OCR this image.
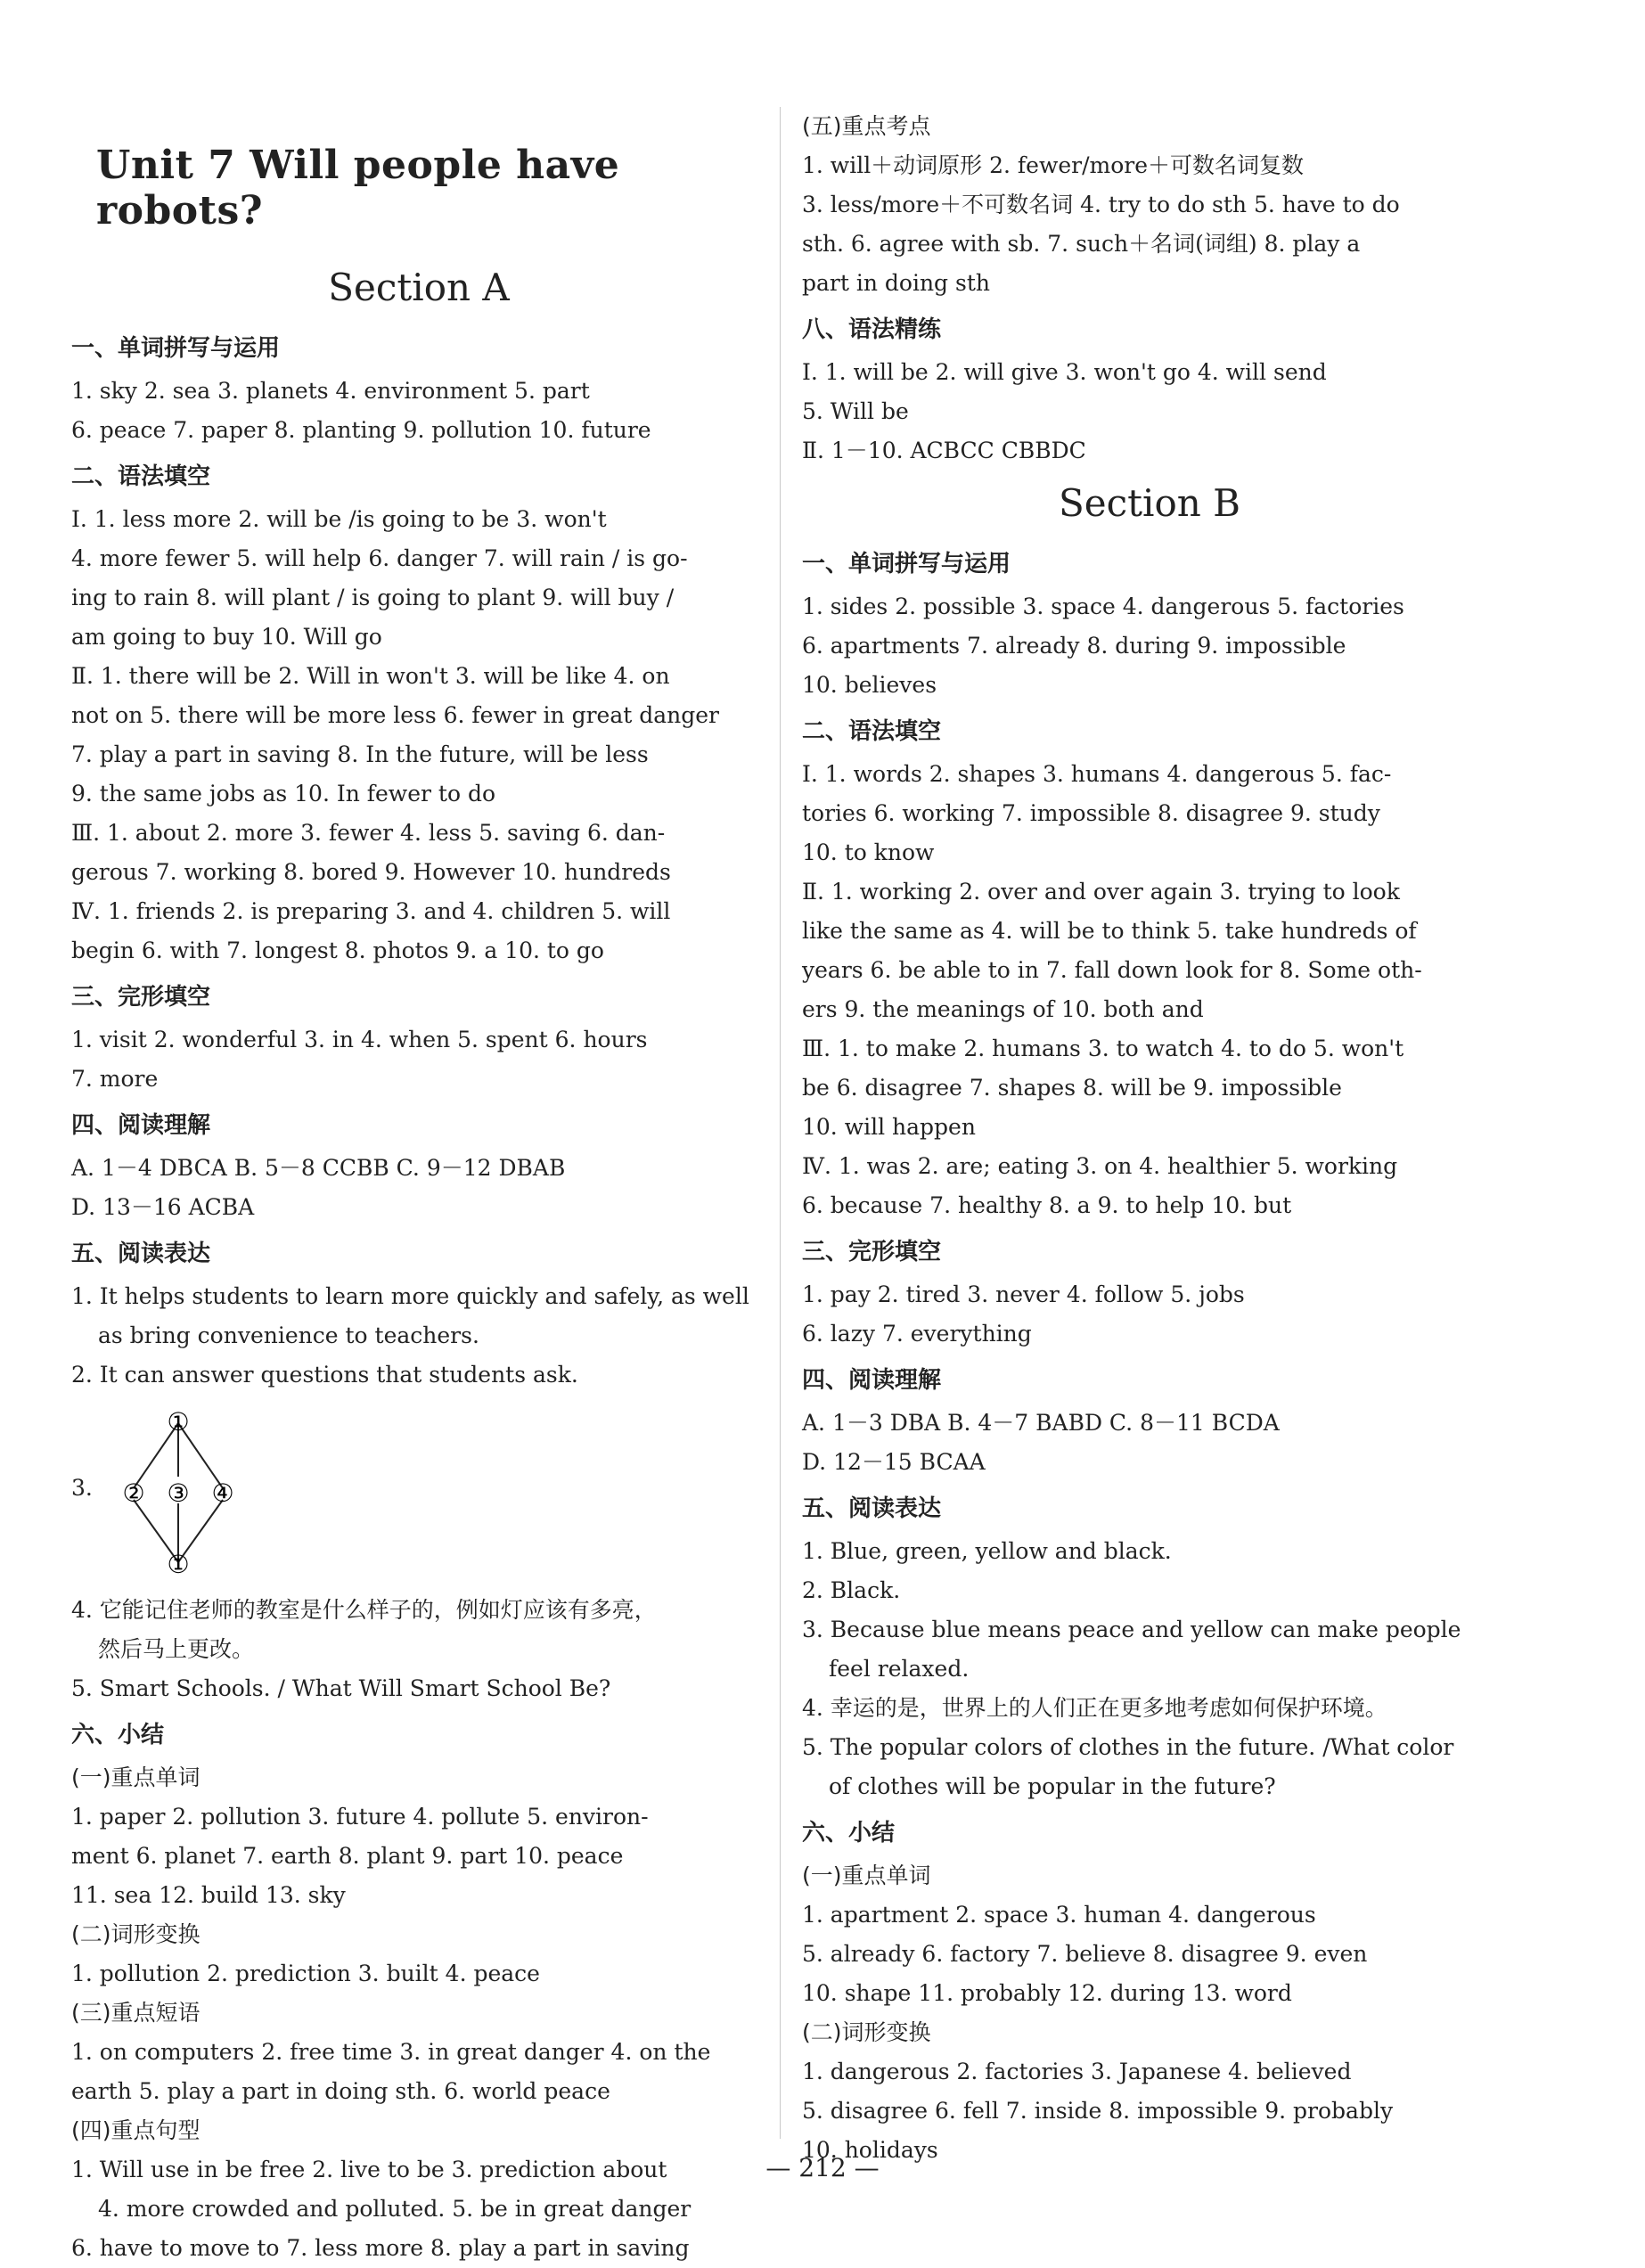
Unit 7 Will people have robots?
Section A
一、单词拼写与运用
1. sky 2. sea 3. planets 4. environment 5. part
6. peace 7. paper 8. planting 9. pollution 10. future
二、语法填空
Ⅰ. 1. less more 2. will be /is going to be 3. won't
4. more fewer 5. will help 6. danger 7. will rain / is go-
ing to rain 8. will plant / is going to plant 9. will buy /
am going to buy 10. Will go
Ⅱ. 1. there will be 2. Will in won't 3. will be like 4. on
not on 5. there will be more less 6. fewer in great danger
7. play a part in saving 8. In the future, will be less
9. the same jobs as 10. In fewer to do
Ⅲ. 1. about 2. more 3. fewer 4. less 5. saving 6. dan-
gerous 7. working 8. bored 9. However 10. hundreds
Ⅳ. 1. friends 2. is preparing 3. and 4. children 5. will
begin 6. with 7. longest 8. photos 9. a 10. to go
三、完形填空
1. visit 2. wonderful 3. in 4. when 5. spent 6. hours
7. more
四、阅读理解
A. 1－4 DBCA B. 5－8 CCBB C. 9－12 DBAB
D. 13－16 ACBA
五、阅读表达
1. It helps students to learn more quickly and safely, as well
as bring convenience to teachers.
2. It can answer questions that students ask.
3.
①
② ③ ④
①
4. 它能记住老师的教室是什么样子的，例如灯应该有多亮，
然后马上更改。
5. Smart Schools. / What Will Smart School Be?
六、小结
(一)重点单词
1. paper 2. pollution 3. future 4. pollute 5. environ-
ment 6. planet 7. earth 8. plant 9. part 10. peace
11. sea 12. build 13. sky
(二)词形变换
1. pollution 2. prediction 3. built 4. peace
(三)重点短语
1. on computers 2. free time 3. in great danger 4. on the
earth 5. play a part in doing sth. 6. world peace
(四)重点句型
1. Will use in be free 2. live to be 3. prediction about
4. more crowded and polluted. 5. be in great danger
6. have to move to 7. less more 8. play a part in saving
(五)重点考点
1. will＋动词原形 2. fewer/more＋可数名词复数
3. less/more＋不可数名词 4. try to do sth 5. have to do
sth. 6. agree with sb. 7. such＋名词(词组) 8. play a
part in doing sth
八、语法精练
Ⅰ. 1. will be 2. will give 3. won't go 4. will send
5. Will be
Ⅱ. 1－10. ACBCC CBBDC
Section B
一、单词拼写与运用
1. sides 2. possible 3. space 4. dangerous 5. factories
6. apartments 7. already 8. during 9. impossible
10. believes
二、语法填空
Ⅰ. 1. words 2. shapes 3. humans 4. dangerous 5. fac-
tories 6. working 7. impossible 8. disagree 9. study
10. to know
Ⅱ. 1. working 2. over and over again 3. trying to look
like the same as 4. will be to think 5. take hundreds of
years 6. be able to in 7. fall down look for 8. Some oth-
ers 9. the meanings of 10. both and
Ⅲ. 1. to make 2. humans 3. to watch 4. to do 5. won't
be 6. disagree 7. shapes 8. will be 9. impossible
10. will happen
Ⅳ. 1. was 2. are; eating 3. on 4. healthier 5. working
6. because 7. healthy 8. a 9. to help 10. but
三、完形填空
1. pay 2. tired 3. never 4. follow 5. jobs
6. lazy 7. everything
四、阅读理解
A. 1－3 DBA B. 4－7 BABD C. 8－11 BCDA
D. 12－15 BCAA
五、阅读表达
1. Blue, green, yellow and black.
2. Black.
3. Because blue means peace and yellow can make people
feel relaxed.
4. 幸运的是，世界上的人们正在更多地考虑如何保护环境。
5. The popular colors of clothes in the future. /What color
of clothes will be popular in the future?
六、小结
(一)重点单词
1. apartment 2. space 3. human 4. dangerous
5. already 6. factory 7. believe 8. disagree 9. even
10. shape 11. probably 12. during 13. word
(二)词形变换
1. dangerous 2. factories 3. Japanese 4. believed
5. disagree 6. fell 7. inside 8. impossible 9. probably
10. holidays
— 212 —
